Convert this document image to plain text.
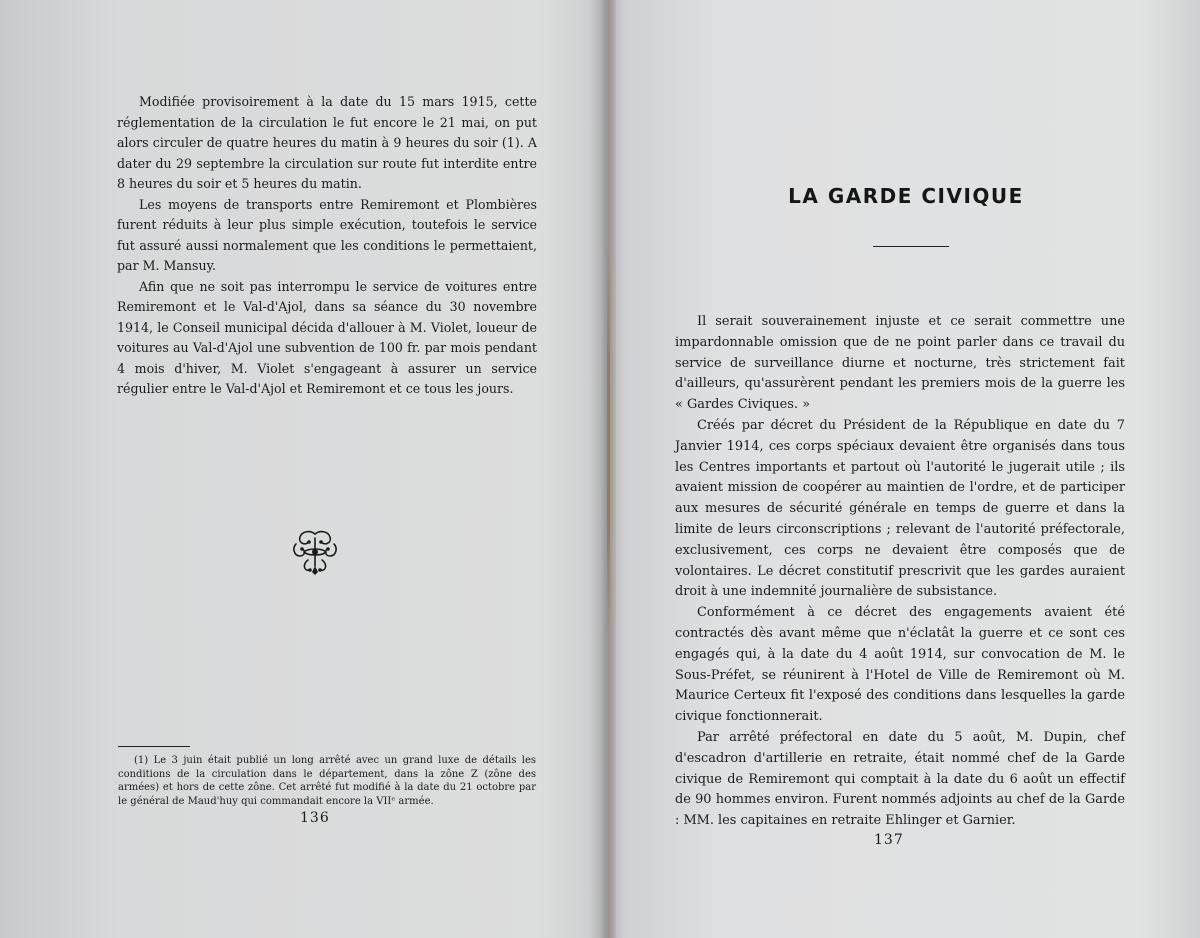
Modifiée provisoirement à la date du 15 mars 1915, cette réglementation de la circulation le fut encore le 21 mai, on put alors circuler de quatre heures du matin à 9 heures du soir (1). A dater du 29 septembre la circulation sur route fut interdite entre 8 heures du soir et 5 heures du matin.

Les moyens de transports entre Remiremont et Plombières furent réduits à leur plus simple exécution, toutefois le service fut assuré aussi normalement que les conditions le permettaient, par M. Mansuy.

Afin que ne soit pas interrompu le service de voitures entre Remiremont et le Val-d'Ajol, dans sa séance du 30 novembre 1914, le Conseil municipal décida d'allouer à M. Violet, loueur de voitures au Val-d'Ajol une subvention de 100 fr. par mois pendant 4 mois d'hiver, M. Violet s'engageant à assurer un service régulier entre le Val-d'Ajol et Remiremont et ce tous les jours.

(1) Le 3 juin était publié un long arrêté avec un grand luxe de détails les conditions de la circulation dans le département, dans la zône Z (zône des armées) et hors de cette zône. Cet arrêté fut modifié à la date du 21 octobre par le général de Maud'huy qui commandait encore la VIIᵉ armée.

136
LA GARDE CIVIQUE

Il serait souverainement injuste et ce serait commettre une impardonnable omission que de ne point parler dans ce travail du service de surveillance diurne et nocturne, très strictement fait d'ailleurs, qu'assurèrent pendant les premiers mois de la guerre les « Gardes Civiques. »

Créés par décret du Président de la République en date du 7 Janvier 1914, ces corps spéciaux devaient être organisés dans tous les Centres importants et partout où l'autorité le jugerait utile ; ils avaient mission de coopérer au maintien de l'ordre, et de participer aux mesures de sécurité générale en temps de guerre et dans la limite de leurs circonscriptions ; relevant de l'autorité préfectorale, exclusivement, ces corps ne devaient être composés que de volontaires. Le décret constitutif prescrivit que les gardes auraient droit à une indemnité journalière de subsistance.

Conformément à ce décret des engagements avaient été contractés dès avant même que n'éclatât la guerre et ce sont ces engagés qui, à la date du 4 août 1914, sur convocation de M. le Sous-Préfet, se réunirent à l'Hotel de Ville de Remiremont où M. Maurice Certeux fit l'exposé des conditions dans lesquelles la garde civique fonctionnerait.

Par arrêté préfectoral en date du 5 août, M. Dupin, chef d'escadron d'artillerie en retraite, était nommé chef de la Garde civique de Remiremont qui comptait à la date du 6 août un effectif de 90 hommes environ. Furent nommés adjoints au chef de la Garde : MM. les capitaines en retraite Ehlinger et Garnier.

137
